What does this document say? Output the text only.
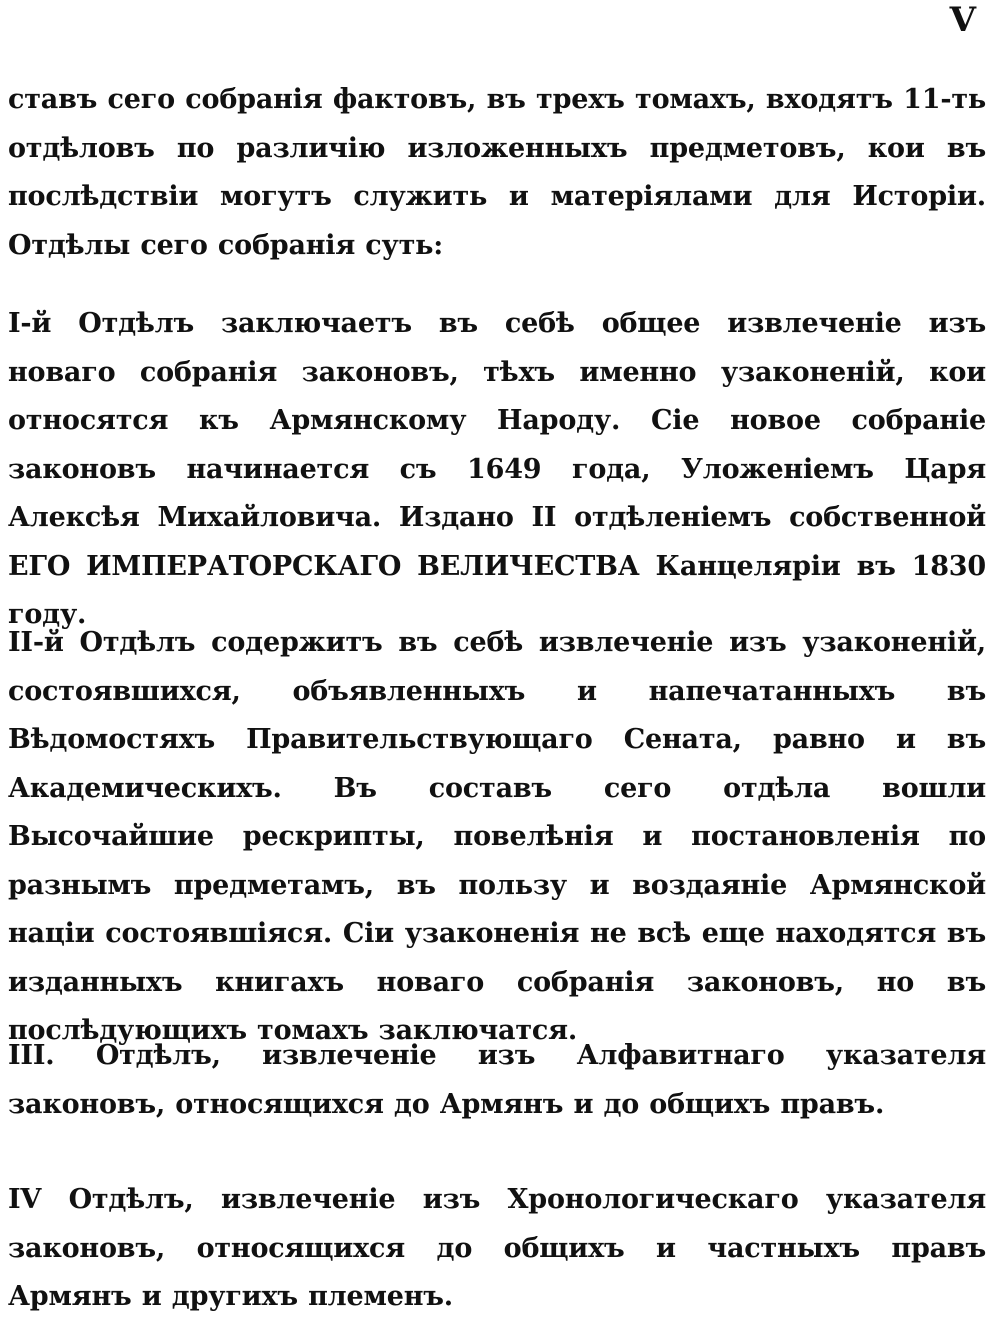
V

ставъ сего собранія фактовъ, въ трехъ томахъ, входятъ 11-ть отдѣловъ по различію изложенныхъ предметовъ, кои въ послѣдствіи могутъ служить и матеріялами для Исторіи. Отдѣлы сего собранія суть:

I-й Отдѣлъ заключаетъ въ себѣ общее извлеченіе изъ новаго собранія законовъ, тѣхъ именно узаконеній, кои относятся къ Армянскому Народу. Сіе новое собраніе законовъ начинается съ 1649 года, Уложеніемъ Царя Алексѣя Михайловича. Издано II отдѣленіемъ собственной ЕГО ИМПЕРАТОРСКАГО ВЕЛИЧЕСТВА Канцеляріи въ 1830 году.

II-й Отдѣлъ содержитъ въ себѣ извлеченіе изъ узаконеній, состоявшихся, объявленныхъ и напечатанныхъ въ Вѣдомостяхъ Правительствующаго Сената, равно и въ Академическихъ. Въ составъ сего отдѣла вошли Высочайшие рескрипты, повелѣнія и постановленія по разнымъ предметамъ, въ пользу и воздаяніе Армянской націи состоявшіяся. Сіи узаконенія не всѣ еще находятся въ изданныхъ книгахъ новаго собранія законовъ, но въ послѣдующихъ томахъ заключатся.

III. Отдѣлъ, извлеченіе изъ Алфавитнаго указателя законовъ, относящихся до Армянъ и до общихъ правъ.

IV Отдѣлъ, извлеченіе изъ Хронологическаго указателя законовъ, относящихся до общихъ и частныхъ правъ Армянъ и другихъ племенъ.
